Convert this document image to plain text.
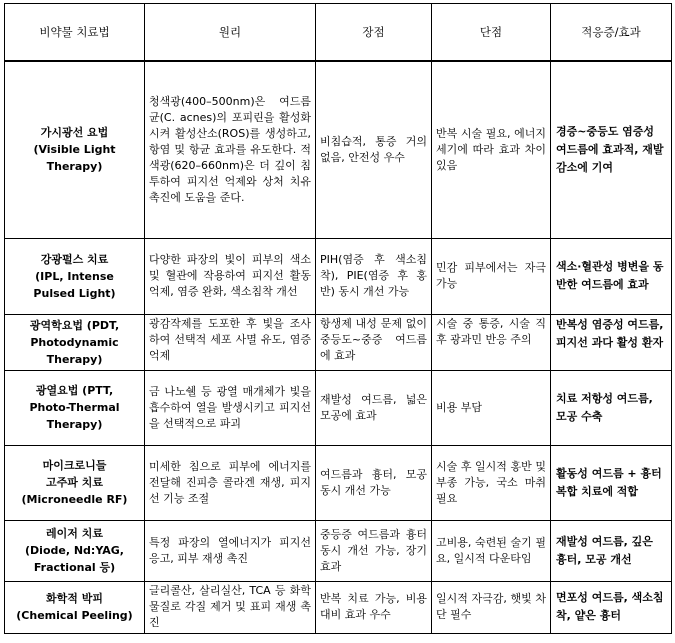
비약물 치료법	원리	장점	단점	적응증/효과

가시광선 요법
(Visible Light
Therapy)	청색광(400–500nm)은 여드름균(C. acnes)의 포피린을 활성화시켜 활성산소(ROS)를 생성하고, 항염 및 항균 효과를 유도한다. 적색광(620–660nm)은 더 깊이 침투하여 피지선 억제와 상처 치유 촉진에 도움을 준다.	비침습적, 통증 거의 없음, 안전성 우수	반복 시술 필요, 에너지 세기에 따라 효과 차이 있음	경증~중등도 염증성 여드름에 효과적, 재발 감소에 기여

강광펄스 치료
(IPL, Intense
Pulsed Light)	다양한 파장의 빛이 피부의 색소 및 혈관에 작용하여 피지선 활동 억제, 염증 완화, 색소침착 개선	PIH(염증 후 색소침착), PIE(염증 후 홍반) 동시 개선 가능	민감 피부에서는 자극 가능	색소·혈관성 병변을 동반한 여드름에 효과

광역학요법 (PDT,
Photodynamic
Therapy)	광감작제를 도포한 후 빛을 조사하여 선택적 세포 사멸 유도, 염증 억제	항생제 내성 문제 없이 중등도~중증 여드름에 효과	시술 중 통증, 시술 직후 광과민 반응 주의	반복성 염증성 여드름, 피지선 과다 활성 환자

광열요법 (PTT,
Photo-Thermal
Therapy)	금 나노쉘 등 광열 매개체가 빛을 흡수하여 열을 발생시키고 피지선을 선택적으로 파괴	재발성 여드름, 넓은 모공에 효과	비용 부담	치료 저항성 여드름, 모공 수축

마이크로니들
고주파 치료
(Microneedle RF)	미세한 침으로 피부에 에너지를 전달해 진피층 콜라겐 재생, 피지선 기능 조절	여드름과 흉터, 모공 동시 개선 가능	시술 후 일시적 홍반 및 부종 가능, 국소 마취 필요	활동성 여드름 + 흉터 복합 치료에 적합

레이저 치료
(Diode, Nd:YAG,
Fractional 등)	특정 파장의 열에너지가 피지선 응고, 피부 재생 촉진	중등증 여드름과 흉터 동시 개선 가능, 장기 효과	고비용, 숙련된 술기 필요, 일시적 다운타임	재발성 여드름, 깊은 흉터, 모공 개선

화학적 박피
(Chemical Peeling)	글리콜산, 살리실산, TCA 등 화학물질로 각질 제거 및 표피 재생 촉진	반복 치료 가능, 비용 대비 효과 우수	일시적 자극감, 햇빛 차단 필수	면포성 여드름, 색소침착, 얕은 흉터
